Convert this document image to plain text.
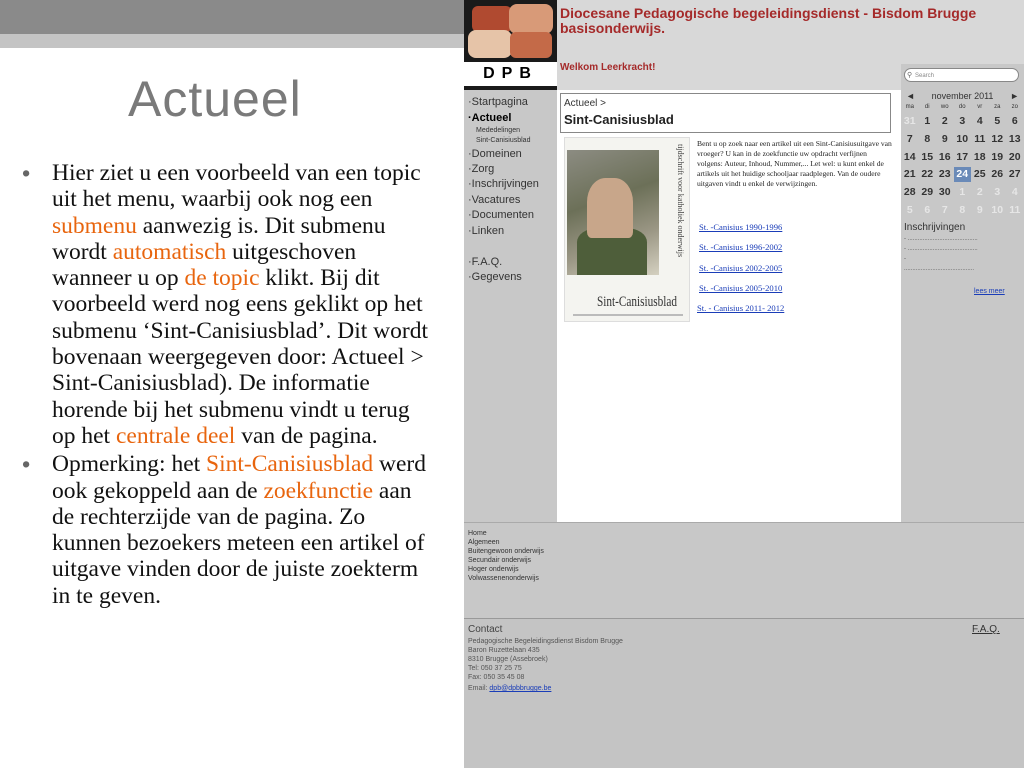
Actueel
• Hier ziet u een voorbeeld van een topic uit het menu, waarbij ook nog een submenu aanwezig is. Dit submenu wordt automatisch uitgeschoven wanneer u op de topic klikt. Bij dit voorbeeld werd nog eens geklikt op het submenu ‘Sint-Canisiusblad’. Dit wordt bovenaan weergegeven door: Actueel > Sint-Canisiusblad). De informatie horende bij het submenu vindt u terug op het centrale deel van de pagina.
• Opmerking: het Sint-Canisiusblad werd ook gekoppeld aan de zoekfunctie aan de rechterzijde van de pagina. Zo kunnen bezoekers meteen een artikel of uitgave vinden door de juiste zoekterm in te geven.
DPB
Diocesane Pedagogische begeleidingsdienst - Bisdom Brugge basisonderwijs.
Welkom Leerkracht!
·Startpagina
·Actueel
Mededelingen
Sint-Canisiusblad
·Domeinen
·Zorg
·Inschrijvingen
·Vacatures
·Documenten
·Linken
·F.A.Q.
·Gegevens
Actueel >
Sint-Canisiusblad
tijdschrift voor katholiek onderwijs
Sint-Canisiusblad
Bent u op zoek naar een artikel uit een Sint-Canisiusuitgave van vroeger? U kan in de zoekfunctie uw opdracht verfijnen volgens: Auteur, Inhoud, Nummer,... Let wel: u kunt enkel de artikels uit het huidige schooljaar raadplegen. Van de oudere uitgaven vindt u enkel de verwijzingen.
St. -Canisius 1990-1996
St. -Canisius 1996-2002
St. -Canisius 2002-2005
St. -Canisius 2005-2010
St. - Canisius 2011- 2012
⚲ Search
november 2011
◄	►
ma	di	wo	do	vr	za	zo
31 1	2	3	4	5	6
7	8	9 10 11 12 13
14 15 16 17 18 19 20
21 22 23 24 25 26 27
28 29 30 1	2	3	4
5	6	7	8	9 10 11
Inschrijvingen
- ..........................................
- ..........................................
-
..........................................
lees meer
Home
Algemeen
Buitengewoon onderwijs
Secundair onderwijs
Hoger onderwijs
Volwassenenonderwijs
Contact	F.A.Q.
Pedagogische Begeleidingsdienst Bisdom Brugge
Baron Ruzettelaan 435
8310 Brugge (Assebroek)
Tel: 050 37 25 75
Fax: 050 35 45 08
Email: dpb@dpbbrugge.be
